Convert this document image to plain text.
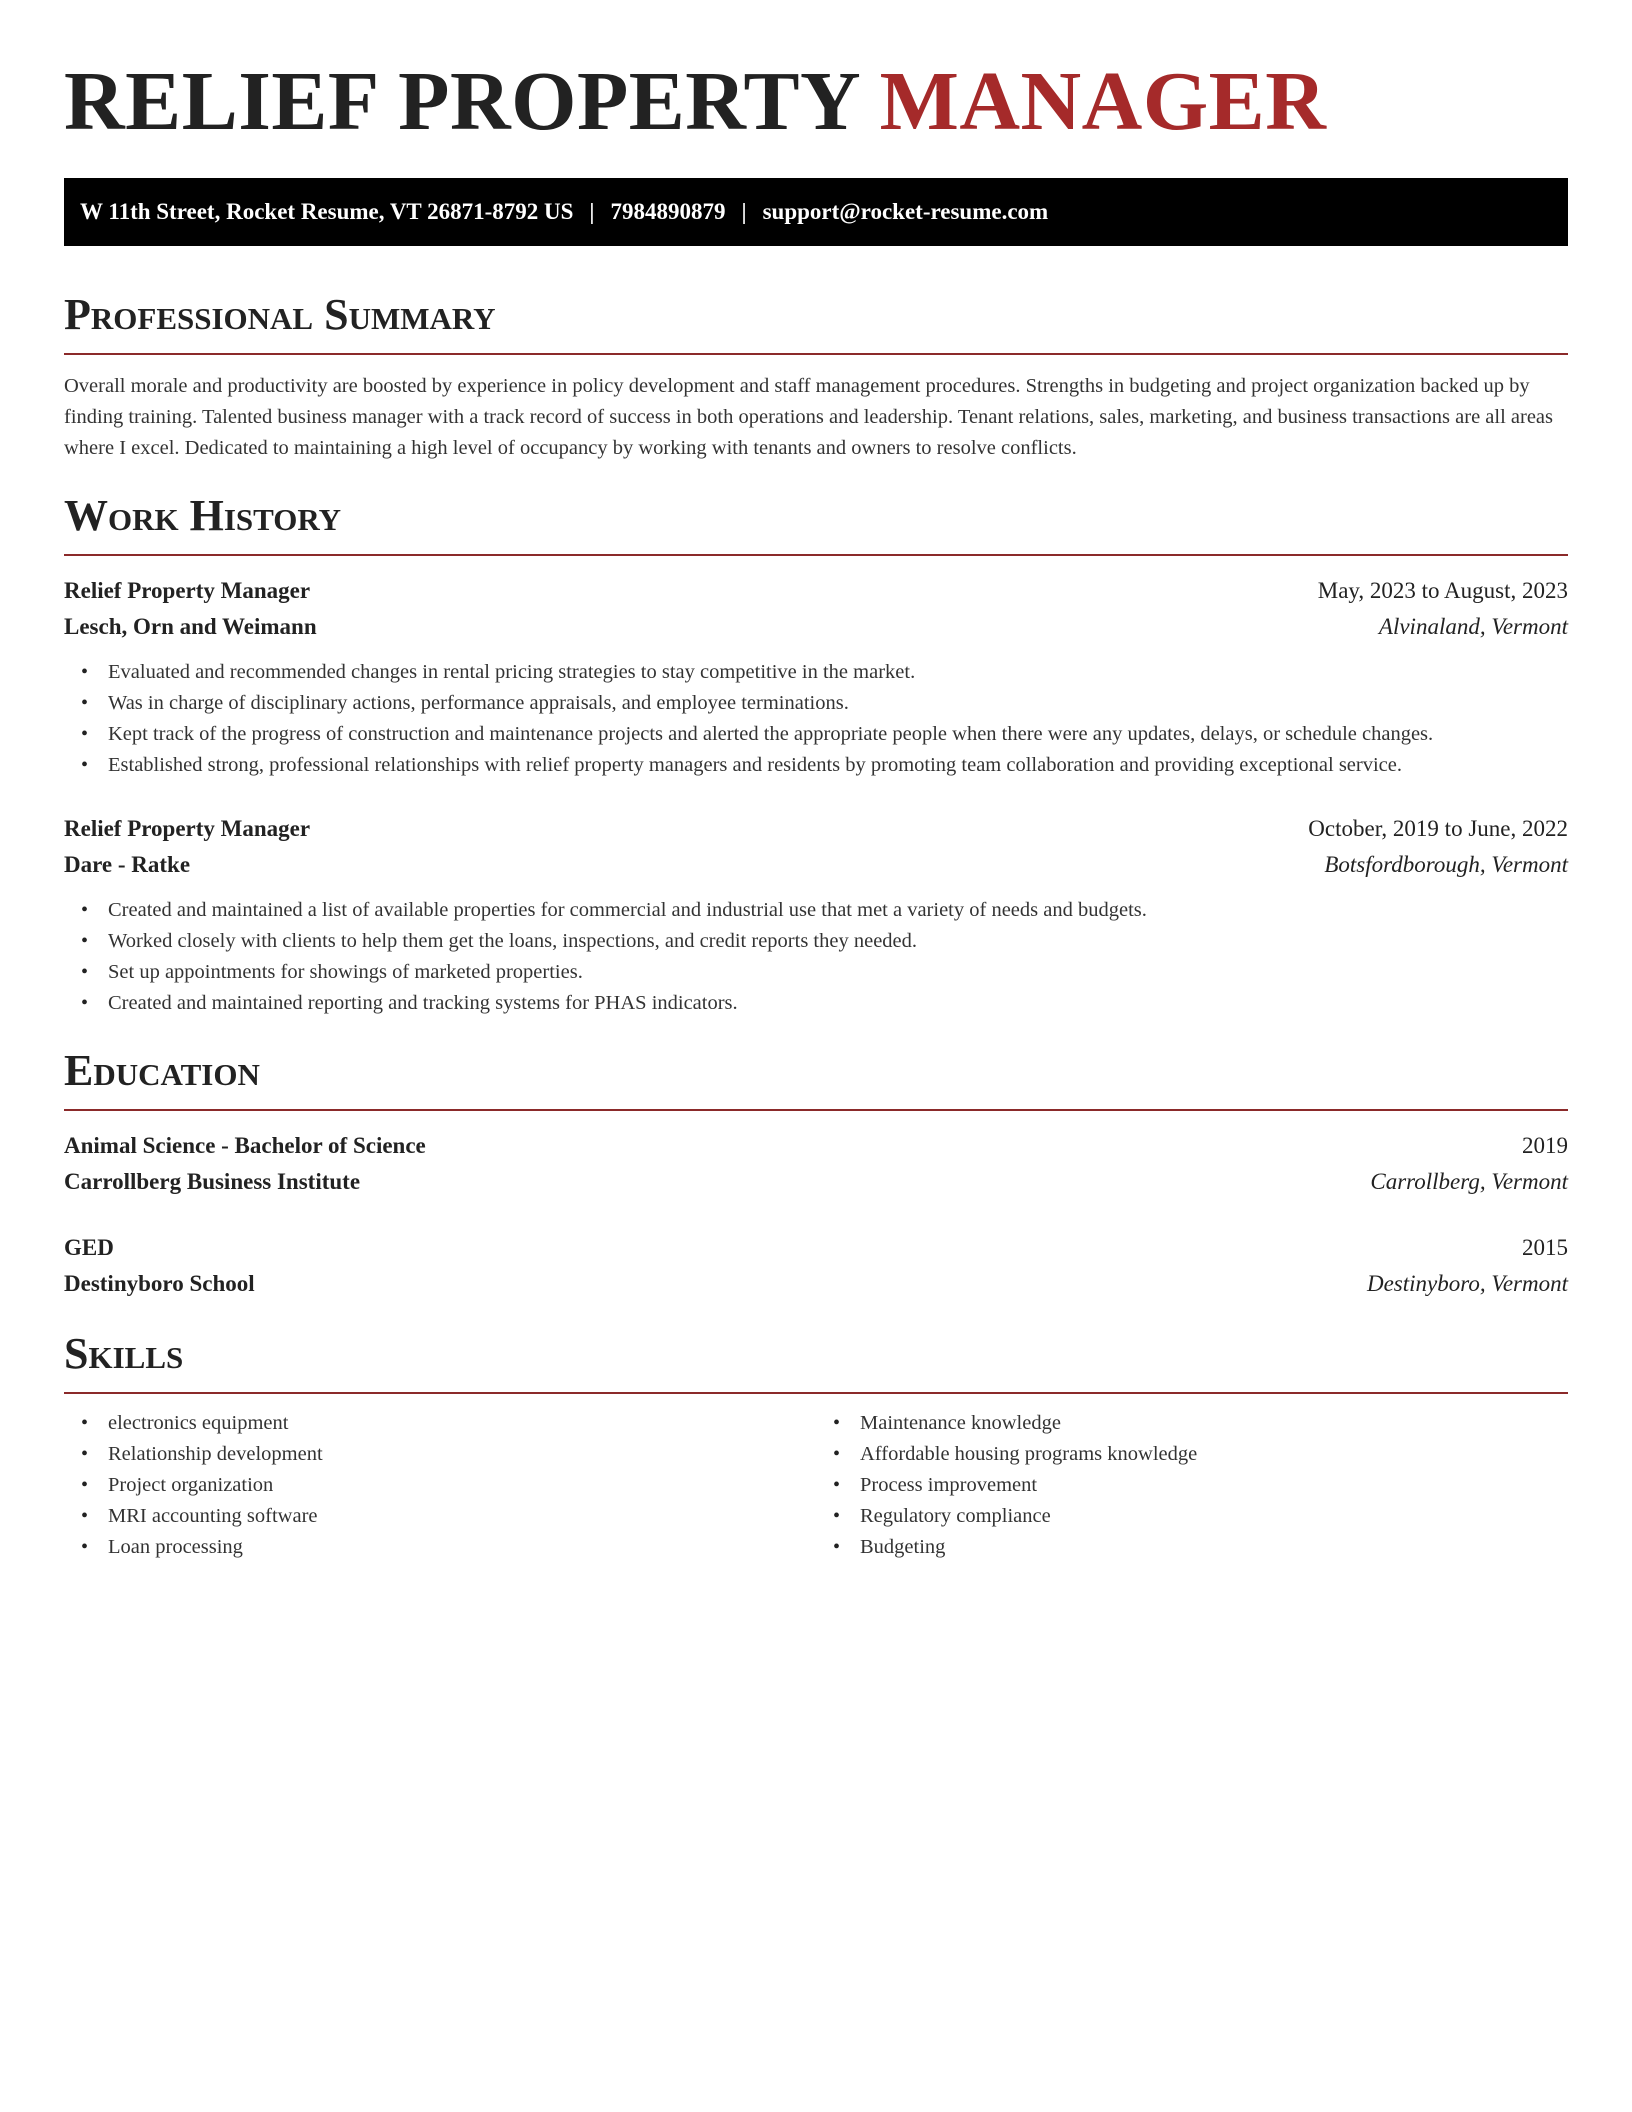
RELIEF PROPERTY MANAGER
W 11th Street, Rocket Resume, VT 26871-8792 US | 7984890879 | support@rocket-resume.com
Professional Summary

Overall morale and productivity are boosted by experience in policy development and staff management procedures. Strengths in budgeting and project organization backed up by finding training. Talented business manager with a track record of success in both operations and leadership. Tenant relations, sales, marketing, and business transactions are all areas where I excel. Dedicated to maintaining a high level of occupancy by working with tenants and owners to resolve conflicts.

Work History
Relief Property Manager	May, 2023 to August, 2023
Lesch, Orn and Weimann	Alvinaland, Vermont
• Evaluated and recommended changes in rental pricing strategies to stay competitive in the market.
• Was in charge of disciplinary actions, performance appraisals, and employee terminations.
• Kept track of the progress of construction and maintenance projects and alerted the appropriate people when there were any updates, delays, or schedule changes.
• Established strong, professional relationships with relief property managers and residents by promoting team collaboration and providing exceptional service.
Relief Property Manager	October, 2019 to June, 2022
Dare - Ratke	Botsfordborough, Vermont
• Created and maintained a list of available properties for commercial and industrial use that met a variety of needs and budgets.
• Worked closely with clients to help them get the loans, inspections, and credit reports they needed.
• Set up appointments for showings of marketed properties.
• Created and maintained reporting and tracking systems for PHAS indicators.
Education
Animal Science - Bachelor of Science	2019
Carrollberg Business Institute	Carrollberg, Vermont
GED	2015
Destinyboro School	Destinyboro, Vermont
Skills
• electronics equipment
• Relationship development
• Project organization
• MRI accounting software
• Loan processing
• Maintenance knowledge
• Affordable housing programs knowledge
• Process improvement
• Regulatory compliance
• Budgeting
